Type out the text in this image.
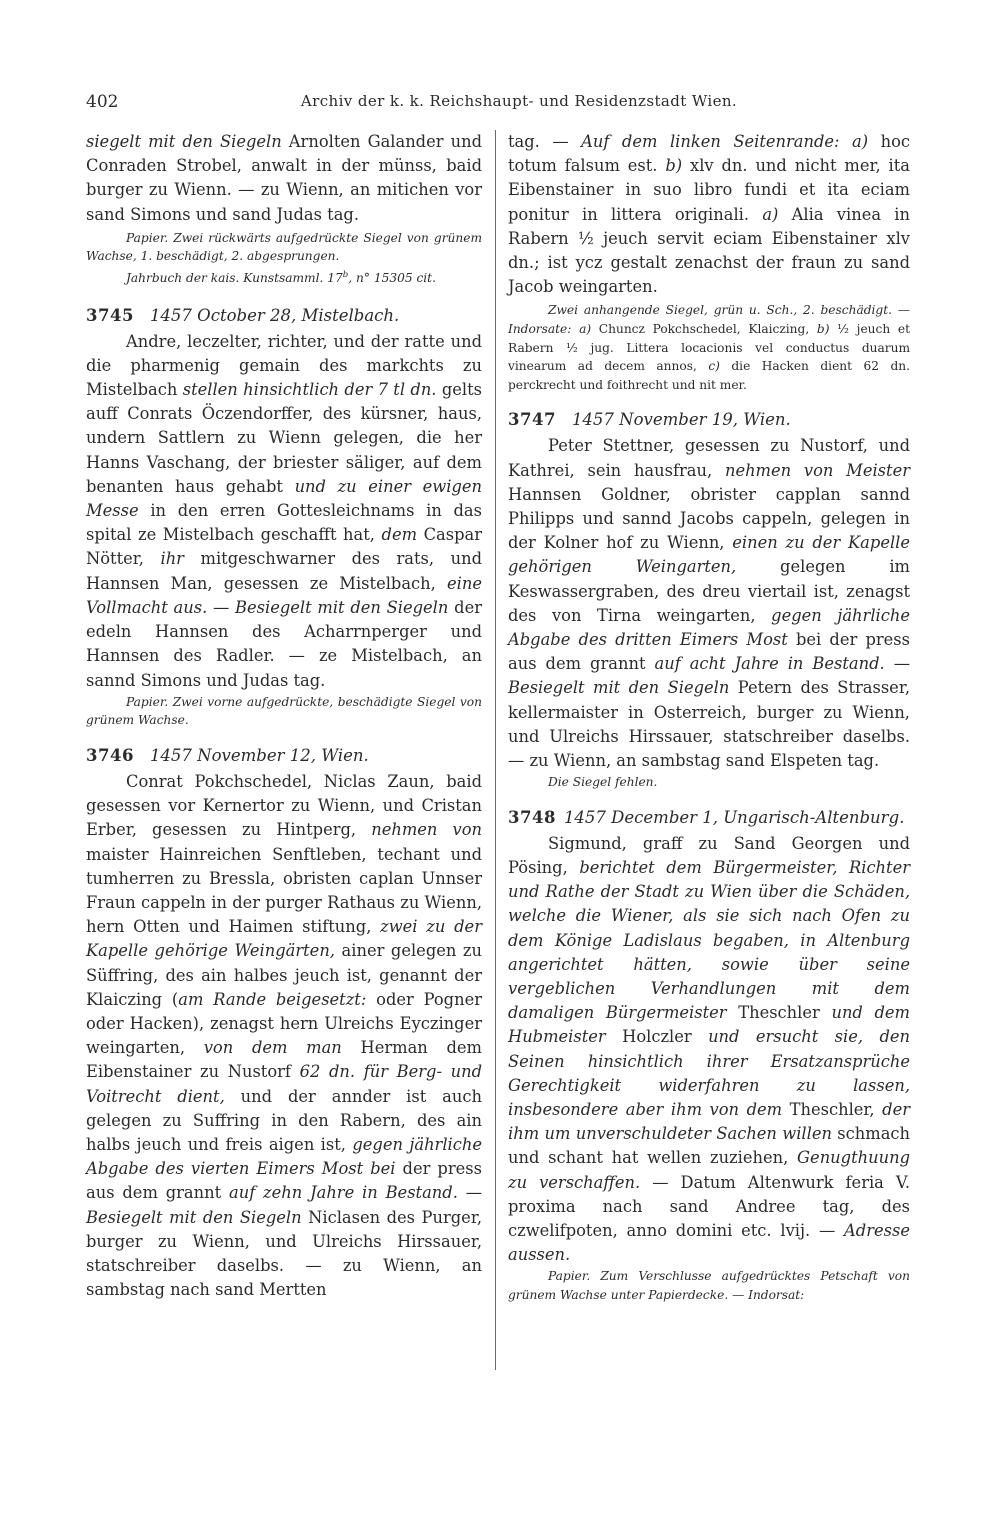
402	Archiv der k. k. Reichshaupt- und Residenzstadt Wien.

siegelt mit den Siegeln Arnolten Galander und Conraden Strobel, anwalt in der münss, baid burger zu Wienn. — zu Wienn, an mitichen vor sand Simons und sand Judas tag.

Papier. Zwei rückwärts aufgedrückte Siegel von grünem Wachse, 1. beschädigt, 2. abgesprungen.

Jahrbuch der kais. Kunstsamml. 17$^b$, n° 15305 cit.

3745 1457 October 28, Mistelbach.

Andre, leczelter, richter, und der ratte und die pharmenig gemain des markchts zu Mistelbach stellen hinsichtlich der 7 tl dn. gelts auff Conrats Öczendorffer, des kürsner, haus, undern Sattlern zu Wienn gelegen, die her Hanns Vaschang, der briester säliger, auf dem benanten haus gehabt und zu einer ewigen Messe in den erren Gottesleichnams in das spital ze Mistelbach geschafft hat, dem Caspar Nötter, ihr mitgeschwarner des rats, und Hannsen Man, gesessen ze Mistelbach, eine Vollmacht aus. — Besiegelt mit den Siegeln der edeln Hannsen des Acharrnperger und Hannsen des Radler. — ze Mistelbach, an sannd Simons und Judas tag.

Papier. Zwei vorne aufgedrückte, beschädigte Siegel von grünem Wachse.

3746 1457 November 12, Wien.

Conrat Pokchschedel, Niclas Zaun, baid gesessen vor Kernertor zu Wienn, und Cristan Erber, gesessen zu Hintperg, nehmen von maister Hainreichen Senftleben, techant und tumherren zu Bressla, obristen caplan Unnser Fraun cappeln in der purger Rathaus zu Wienn, hern Otten und Haimen stiftung, zwei zu der Kapelle gehörige Weingärten, ainer gelegen zu Süffring, des ain halbes jeuch ist, genannt der Klaiczing (am Rande beigesetzt: oder Pogner oder Hacken), zenagst hern Ulreichs Eyczinger weingarten, von dem man Herman dem Eibenstainer zu Nustorf 62 dn. für Berg- und Voitrecht dient, und der annder ist auch gelegen zu Suffring in den Rabern, des ain halbs jeuch und freis aigen ist, gegen jährliche Abgabe des vierten Eimers Most bei der press aus dem grannt auf zehn Jahre in Bestand. — Besiegelt mit den Siegeln Niclasen des Purger, burger zu Wienn, und Ulreichs Hirssauer, statschreiber daselbs. — zu Wienn, an sambstag nach sand Mertten

tag. — Auf dem linken Seitenrande: a) hoc totum falsum est. b) xlv dn. und nicht mer, ita Eibenstainer in suo libro fundi et ita eciam ponitur in littera originali. a) Alia vinea in Rabern ½ jeuch servit eciam Eibenstainer xlv dn.; ist ycz gestalt zenachst der fraun zu sand Jacob weingarten.

Zwei anhangende Siegel, grün u. Sch., 2. beschädigt. — Indorsate: a) Chuncz Pokchschedel, Klaiczing, b) ½ jeuch et Rabern ½ jug. Littera locacionis vel conductus duarum vinearum ad decem annos, c) die Hacken dient 62 dn. perckrecht und foithrecht und nit mer.

3747 1457 November 19, Wien.

Peter Stettner, gesessen zu Nustorf, und Kathrei, sein hausfrau, nehmen von Meister Hannsen Goldner, obrister capplan sannd Philipps und sannd Jacobs cappeln, gelegen in der Kolner hof zu Wienn, einen zu der Kapelle gehörigen Weingarten, gelegen im Keswassergraben, des dreu viertail ist, zenagst des von Tirna weingarten, gegen jährliche Abgabe des dritten Eimers Most bei der press aus dem grannt auf acht Jahre in Bestand. — Besiegelt mit den Siegeln Petern des Strasser, kellermaister in Osterreich, burger zu Wienn, und Ulreichs Hirssauer, statschreiber daselbs. — zu Wienn, an sambstag sand Elspeten tag.

Die Siegel fehlen.

3748 1457 December 1, Ungarisch-Altenburg.

Sigmund, graff zu Sand Georgen und Pösing, berichtet dem Bürgermeister, Richter und Rathe der Stadt zu Wien über die Schäden, welche die Wiener, als sie sich nach Ofen zu dem Könige Ladislaus begaben, in Altenburg angerichtet hätten, sowie über seine vergeblichen Verhandlungen mit dem damaligen Bürgermeister Theschler und dem Hubmeister Holczler und ersucht sie, den Seinen hinsichtlich ihrer Ersatzansprüche Gerechtigkeit widerfahren zu lassen, insbesondere aber ihm von dem Theschler, der ihm um unverschuldeter Sachen willen schmach und schant hat wellen zuziehen, Genugthuung zu verschaffen. — Datum Altenwurk feria V. proxima nach sand Andree tag, des czwelifpoten, anno domini etc. lvij. — Adresse aussen.

Papier. Zum Verschlusse aufgedrücktes Petschaft von grünem Wachse unter Papierdecke. — Indorsat:
